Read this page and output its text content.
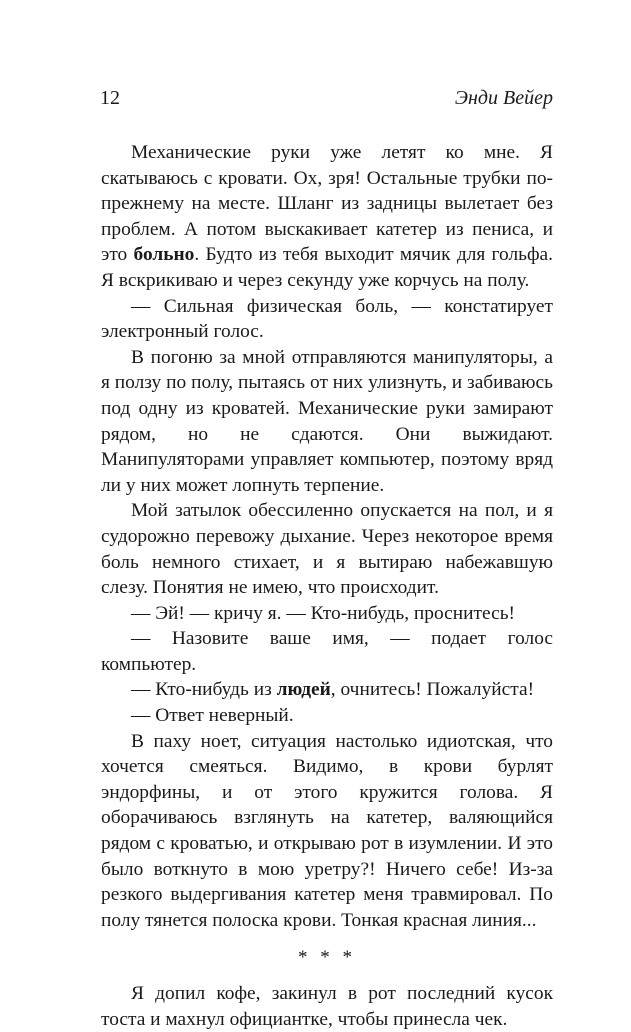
12	Энди Вейер

Механические руки уже летят ко мне. Я скатываюсь с кровати. Ох, зря! Остальные трубки по-прежнему на месте. Шланг из задницы вылетает без проблем. А потом выскакивает катетер из пениса, и это больно. Будто из тебя выходит мячик для гольфа. Я вскрикиваю и через секунду уже корчусь на полу.

— Сильная физическая боль, — констатирует электронный голос.

В погоню за мной отправляются манипуляторы, а я ползу по полу, пытаясь от них улизнуть, и забиваюсь под одну из кроватей. Механические руки замирают рядом, но не сдаются. Они выжидают. Манипуляторами управляет компьютер, поэтому вряд ли у них может лопнуть терпение.

Мой затылок обессиленно опускается на пол, и я судорожно перевожу дыхание. Через некоторое время боль немного стихает, и я вытираю набежавшую слезу. Понятия не имею, что происходит.

— Эй! — кричу я. — Кто-нибудь, проснитесь!

— Назовите ваше имя, — подает голос компьютер.

— Кто-нибудь из людей, очнитесь! Пожалуйста!

— Ответ неверный.

В паху ноет, ситуация настолько идиотская, что хочется смеяться. Видимо, в крови бурлят эндорфины, и от этого кружится голова. Я оборачиваюсь взглянуть на катетер, валяющийся рядом с кроватью, и открываю рот в изумлении. И это было воткнуто в мою уретру?! Ничего себе! Из-за резкого выдергивания катетер меня травмировал. По полу тянется полоска крови. Тонкая красная линия...

* * *

Я допил кофе, закинул в рот последний кусок тоста и махнул официантке, чтобы принесла чек.
